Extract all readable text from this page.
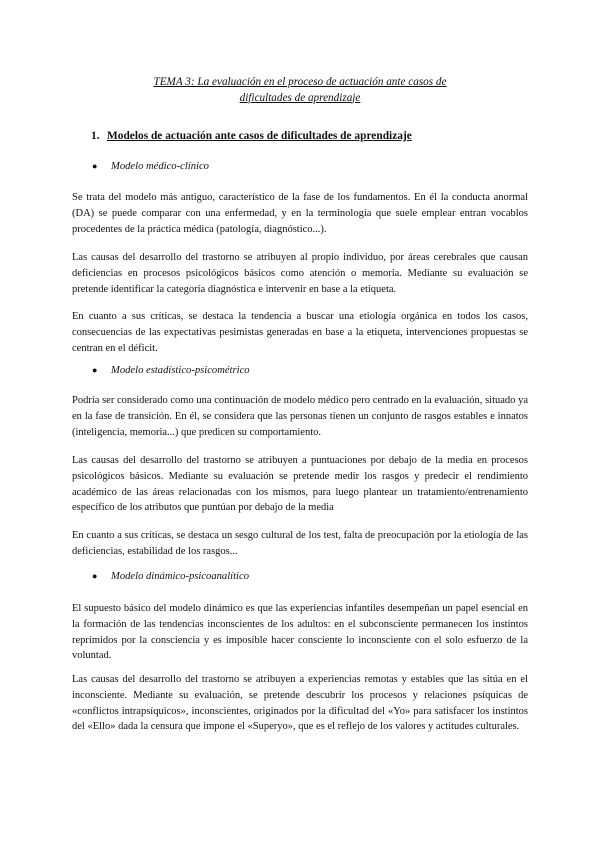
TEMA 3: La evaluación en el proceso de actuación ante casos de
dificultades de aprendizaje
1. Modelos de actuación ante casos de dificultades de aprendizaje
● Modelo médico-clínico

Se trata del modelo más antiguo, característico de la fase de los fundamentos. En él la conducta anormal (DA) se puede comparar con una enfermedad, y en la terminología que suele emplear entran vocablos procedentes de la práctica médica (patología, diagnóstico...).

Las causas del desarrollo del trastorno se atribuyen al propio individuo, por áreas cerebrales que causan deficiencias en procesos psicológicos básicos como atención o memoria. Mediante su evaluación se pretende identificar la categoría diagnóstica e intervenir en base a la etiqueta.

En cuanto a sus críticas, se destaca la tendencia a buscar una etiología orgánica en todos los casos, consecuencias de las expectativas pesimistas generadas en base a la etiqueta, intervenciones propuestas se centran en el déficit.

● Modelo estadístico-psicométrico

Podría ser considerado como una continuación de modelo médico pero centrado en la evaluación, situado ya en la fase de transición. En él, se considera que las personas tienen un conjunto de rasgos estables e innatos (inteligencia, memoria...) que predicen su comportamiento.

Las causas del desarrollo del trastorno se atribuyen a puntuaciones por debajo de la media en procesos psicológicos básicos. Mediante su evaluación se pretende medir los rasgos y predecir el rendimiento académico de las áreas relacionadas con los mismos, para luego plantear un tratamiento/entrenamiento específico de los atributos que puntúan por debajo de la media

En cuanto a sus críticas, se destaca un sesgo cultural de los test, falta de preocupación por la etiología de las deficiencias, estabilidad de los rasgos...

● Modelo dinámico-psicoanalítico

El supuesto básico del modelo dinámico es que las experiencias infantiles desempeñan un papel esencial en la formación de las tendencias inconscientes de los adultos: en el subconsciente permanecen los instintos reprimidos por la consciencia y es imposible hacer consciente lo inconsciente con el solo esfuerzo de la voluntad.

Las causas del desarrollo del trastorno se atribuyen a experiencias remotas y estables que las sitúa en el inconsciente. Mediante su evaluación, se pretende descubrir los procesos y relaciones psíquicas de «conflictos intrapsíquicos», inconscientes, originados por la dificultad del «Yo» para satisfacer los instintos del «Ello» dada la censura que impone el «Superyo», que es el reflejo de los valores y actitudes culturales.
